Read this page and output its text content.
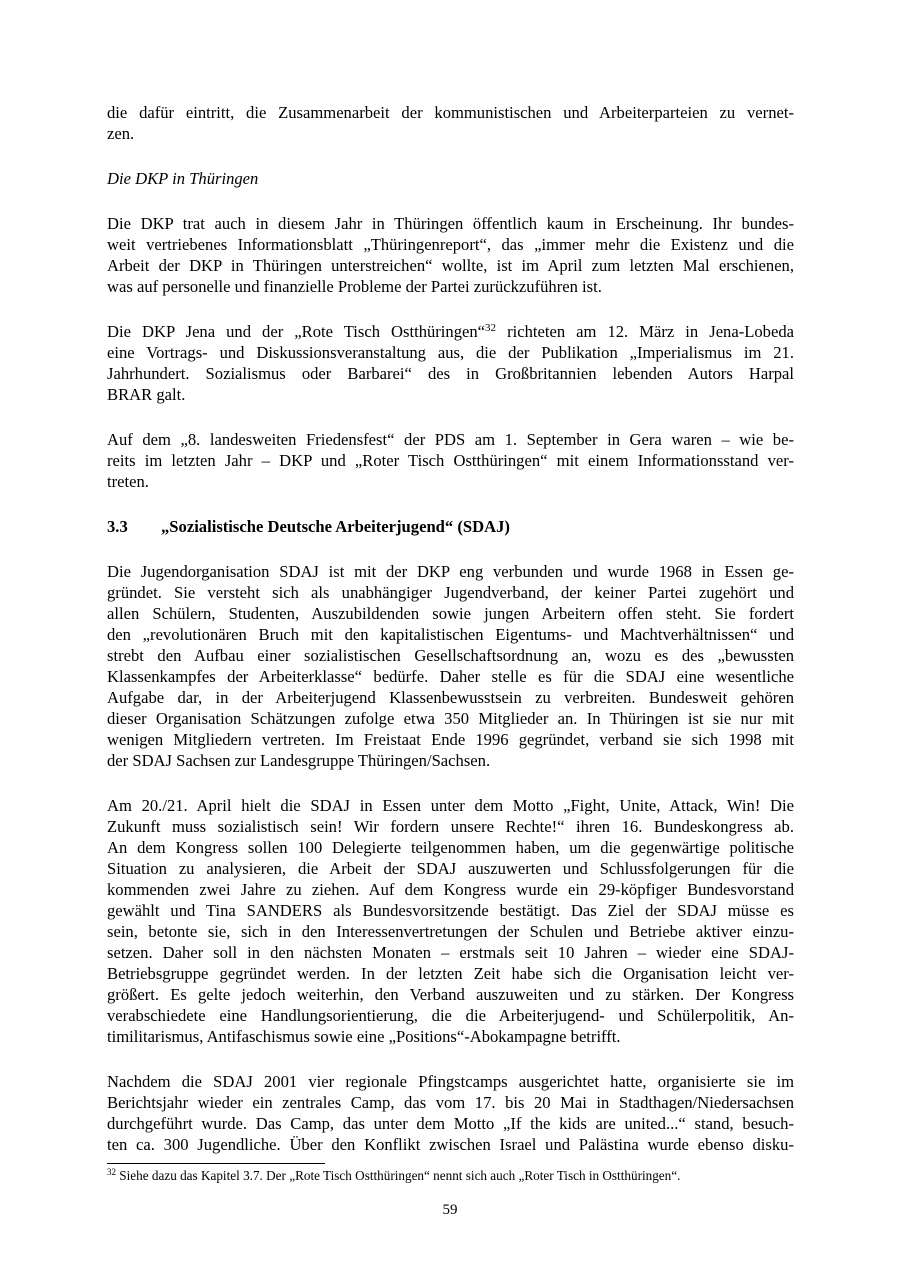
die dafür eintritt, die Zusammenarbeit der kommunistischen und Arbeiterparteien zu vernet-
zen.

Die DKP in Thüringen

Die DKP trat auch in diesem Jahr in Thüringen öffentlich kaum in Erscheinung. Ihr bundes-
weit vertriebenes Informationsblatt „Thüringenreport“, das „immer mehr die Existenz und die
Arbeit der DKP in Thüringen unterstreichen“ wollte, ist im April zum letzten Mal erschienen,
was auf personelle und finanzielle Probleme der Partei zurückzuführen ist.

Die DKP Jena und der „Rote Tisch Ostthüringen“$^{32}$ richteten am 12. März in Jena-Lobeda
eine Vortrags- und Diskussionsveranstaltung aus, die der Publikation „Imperialismus im 21.
Jahrhundert. Sozialismus oder Barbarei“ des in Großbritannien lebenden Autors Harpal
BRAR galt.

Auf dem „8. landesweiten Friedensfest“ der PDS am 1. September in Gera waren – wie be-
reits im letzten Jahr – DKP und „Roter Tisch Ostthüringen“ mit einem Informationsstand ver-
treten.

3.3 „Sozialistische Deutsche Arbeiterjugend“ (SDAJ)

Die Jugendorganisation SDAJ ist mit der DKP eng verbunden und wurde 1968 in Essen ge-
gründet. Sie versteht sich als unabhängiger Jugendverband, der keiner Partei zugehört und
allen Schülern, Studenten, Auszubildenden sowie jungen Arbeitern offen steht. Sie fordert
den „revolutionären Bruch mit den kapitalistischen Eigentums- und Machtverhältnissen“ und
strebt den Aufbau einer sozialistischen Gesellschaftsordnung an, wozu es des „bewussten
Klassenkampfes der Arbeiterklasse“ bedürfe. Daher stelle es für die SDAJ eine wesentliche
Aufgabe dar, in der Arbeiterjugend Klassenbewusstsein zu verbreiten. Bundesweit gehören
dieser Organisation Schätzungen zufolge etwa 350 Mitglieder an. In Thüringen ist sie nur mit
wenigen Mitgliedern vertreten. Im Freistaat Ende 1996 gegründet, verband sie sich 1998 mit
der SDAJ Sachsen zur Landesgruppe Thüringen/Sachsen.

Am 20./21. April hielt die SDAJ in Essen unter dem Motto „Fight, Unite, Attack, Win! Die
Zukunft muss sozialistisch sein! Wir fordern unsere Rechte!“ ihren 16. Bundeskongress ab.
An dem Kongress sollen 100 Delegierte teilgenommen haben, um die gegenwärtige politische
Situation zu analysieren, die Arbeit der SDAJ auszuwerten und Schlussfolgerungen für die
kommenden zwei Jahre zu ziehen. Auf dem Kongress wurde ein 29-köpfiger Bundesvorstand
gewählt und Tina SANDERS als Bundesvorsitzende bestätigt. Das Ziel der SDAJ müsse es
sein, betonte sie, sich in den Interessenvertretungen der Schulen und Betriebe aktiver einzu-
setzen. Daher soll in den nächsten Monaten – erstmals seit 10 Jahren – wieder eine SDAJ-
Betriebsgruppe gegründet werden. In der letzten Zeit habe sich die Organisation leicht ver-
größert. Es gelte jedoch weiterhin, den Verband auszuweiten und zu stärken. Der Kongress
verabschiedete eine Handlungsorientierung, die die Arbeiterjugend- und Schülerpolitik, An-
timilitarismus, Antifaschismus sowie eine „Positions“-Abokampagne betrifft.

Nachdem die SDAJ 2001 vier regionale Pfingstcamps ausgerichtet hatte, organisierte sie im
Berichtsjahr wieder ein zentrales Camp, das vom 17. bis 20 Mai in Stadthagen/Niedersachsen
durchgeführt wurde. Das Camp, das unter dem Motto „If the kids are united...“ stand, besuch-
ten ca. 300 Jugendliche. Über den Konflikt zwischen Israel und Palästina wurde ebenso disku-

$^{32}$ Siehe dazu das Kapitel 3.7. Der „Rote Tisch Ostthüringen“ nennt sich auch „Roter Tisch in Ostthüringen“.
59
